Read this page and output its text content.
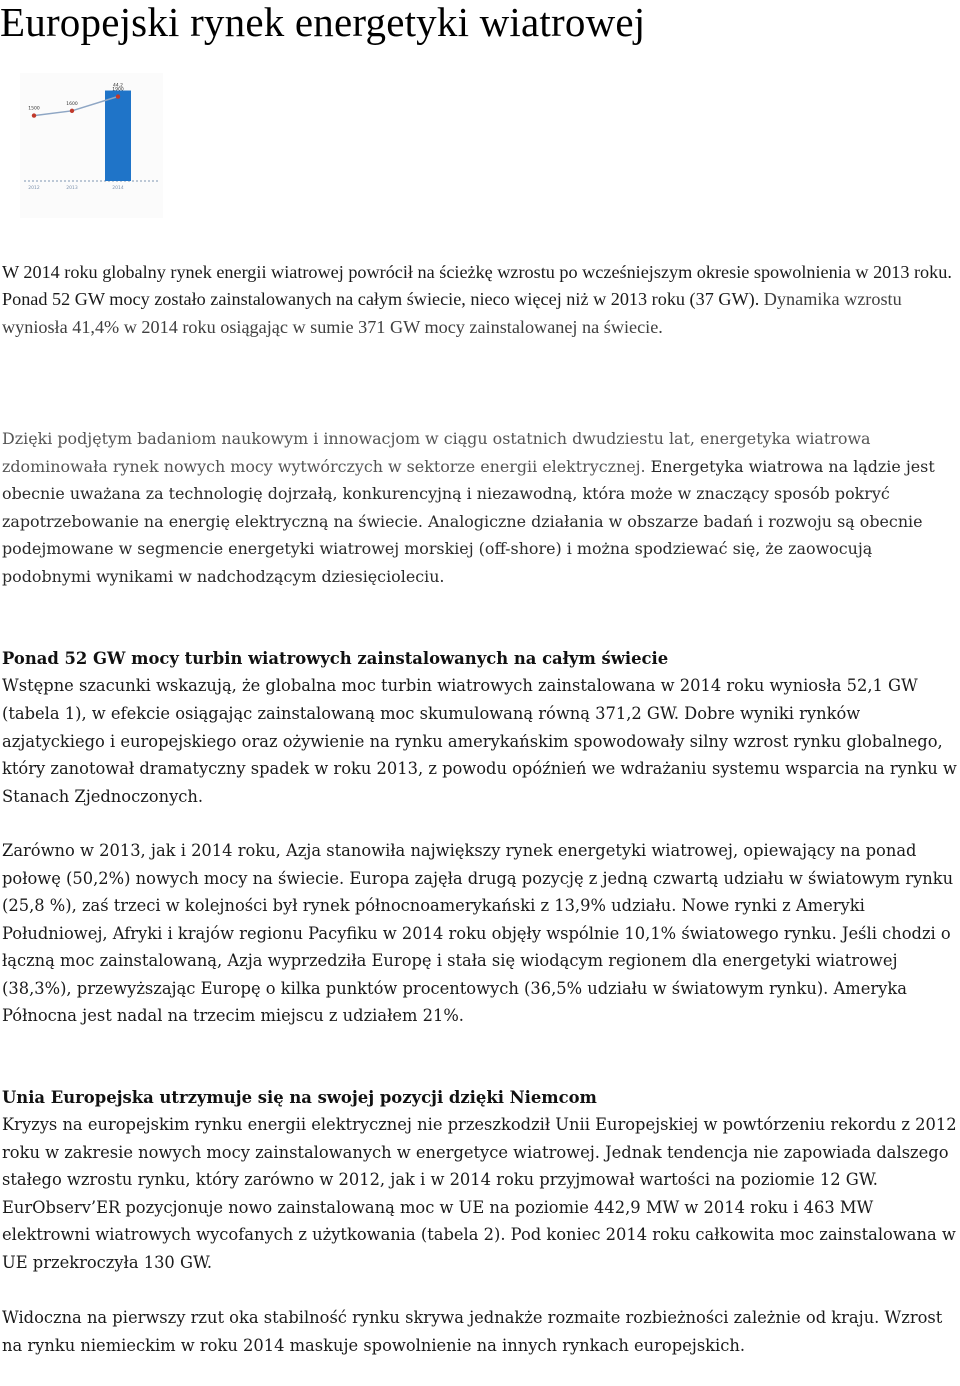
Europejski rynek energetyki wiatrowej
1500
1600
1900
44,2
2012	2013	2014

W 2014 roku globalny rynek energii wiatrowej powrócił na ścieżkę wzrostu po wcześniejszym okresie spowolnienia w 2013 roku. Ponad 52 GW mocy zostało zainstalowanych na całym świecie, nieco więcej niż w 2013 roku (37 GW). Dynamika wzrostu wyniosła 41,4% w 2014 roku osiągając w sumie 371 GW mocy zainstalowanej na świecie.

Dzięki podjętym badaniom naukowym i innowacjom w ciągu ostatnich dwudziestu lat, energetyka wiatrowa zdominowała rynek nowych mocy wytwórczych w sektorze energii elektrycznej. Energetyka wiatrowa na lądzie jest obecnie uważana za technologię dojrzałą, konkurencyjną i niezawodną, która może w znaczący sposób pokryć zapotrzebowanie na energię elektryczną na świecie. Analogiczne działania w obszarze badań i rozwoju są obecnie podejmowane w segmencie energetyki wiatrowej morskiej (off-shore) i można spodziewać się, że zaowocują podobnymi wynikami w nadchodzącym dziesięcioleciu.

Ponad 52 GW mocy turbin wiatrowych zainstalowanych na całym świecie

Wstępne szacunki wskazują, że globalna moc turbin wiatrowych zainstalowana w 2014 roku wyniosła 52,1 GW (tabela 1), w efekcie osiągając zainstalowaną moc skumulowaną równą 371,2 GW. Dobre wyniki rynków azjatyckiego i europejskiego oraz ożywienie na rynku amerykańskim spowodowały silny wzrost rynku globalnego, który zanotował dramatyczny spadek w roku 2013, z powodu opóźnień we wdrażaniu systemu wsparcia na rynku w Stanach Zjednoczonych.

Zarówno w 2013, jak i 2014 roku, Azja stanowiła największy rynek energetyki wiatrowej, opiewający na ponad połowę (50,2%) nowych mocy na świecie. Europa zajęła drugą pozycję z jedną czwartą udziału w światowym rynku (25,8 %), zaś trzeci w kolejności był rynek północnoamerykański z 13,9% udziału. Nowe rynki z Ameryki Południowej, Afryki i krajów regionu Pacyfiku w 2014 roku objęły wspólnie 10,1% światowego rynku. Jeśli chodzi o łączną moc zainstalowaną, Azja wyprzedziła Europę i stała się wiodącym regionem dla energetyki wiatrowej (38,3%), przewyższając Europę o kilka punktów procentowych (36,5% udziału w światowym rynku). Ameryka Północna jest nadal na trzecim miejscu z udziałem 21%.

Unia Europejska utrzymuje się na swojej pozycji dzięki Niemcom

Kryzys na europejskim rynku energii elektrycznej nie przeszkodził Unii Europejskiej w powtórzeniu rekordu z 2012 roku w zakresie nowych mocy zainstalowanych w energetyce wiatrowej. Jednak tendencja nie zapowiada dalszego stałego wzrostu rynku, który zarówno w 2012, jak i w 2014 roku przyjmował wartości na poziomie 12 GW. EurObserv’ER pozycjonuje nowo zainstalowaną moc w UE na poziomie 442,9 MW w 2014 roku i 463 MW elektrowni wiatrowych wycofanych z użytkowania (tabela 2). Pod koniec 2014 roku całkowita moc zainstalowana w UE przekroczyła 130 GW.

Widoczna na pierwszy rzut oka stabilność rynku skrywa jednakże rozmaite rozbieżności zależnie od kraju. Wzrost na rynku niemieckim w roku 2014 maskuje spowolnienie na innych rynkach europejskich.
